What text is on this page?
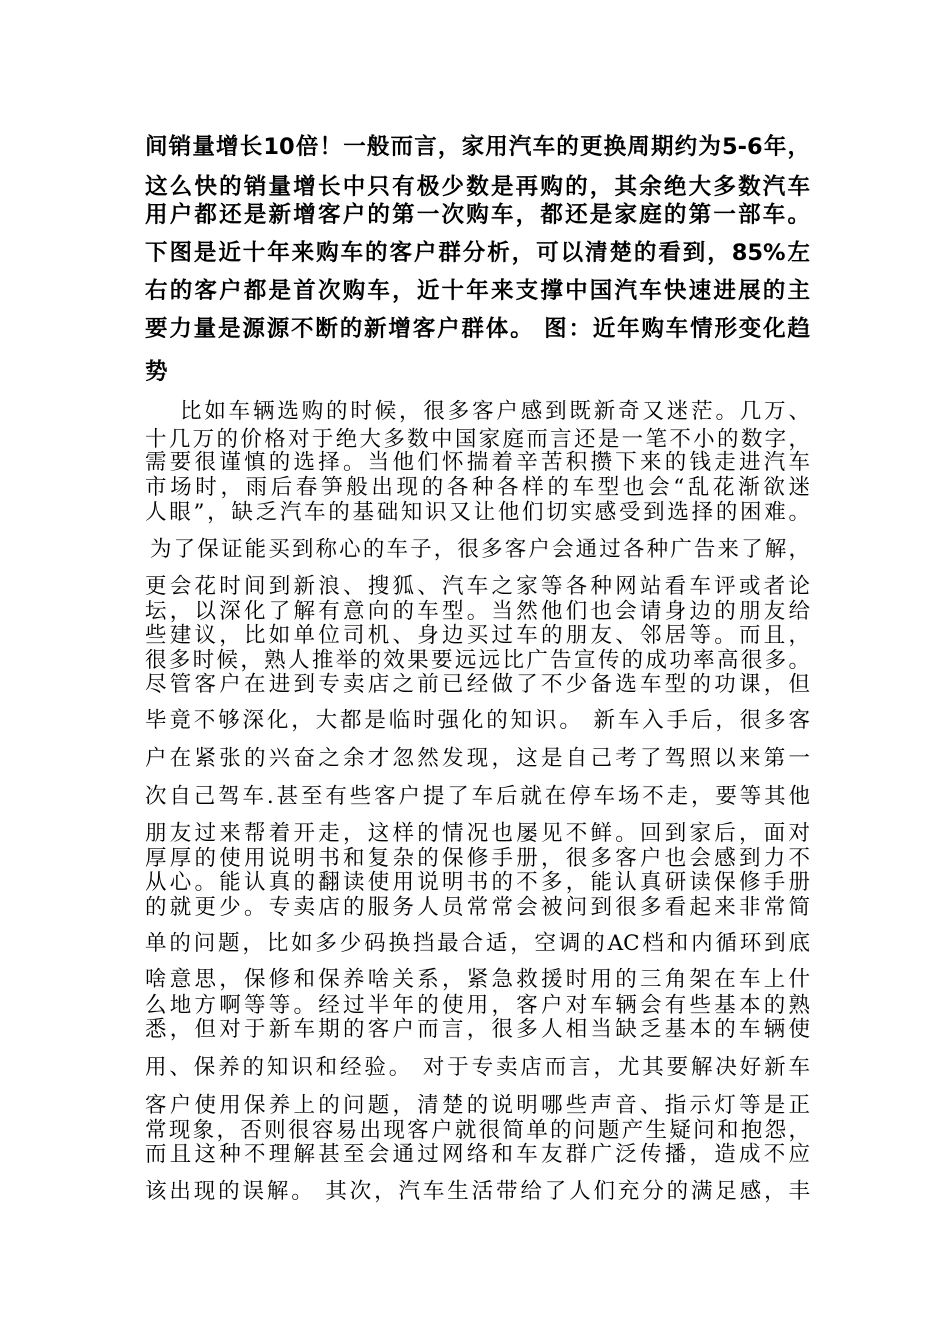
间销量增长10倍！一般而言，家用汽车的更换周期约为5-6年，

这么快的销量增长中只有极少数是再购的，其余绝大多数汽车

用户都还是新增客户的第一次购车，都还是家庭的第一部车。

下图是近十年来购车的客户群分析，可以清楚的看到，85%左

右的客户都是首次购车，近十年来支撑中国汽车快速进展的主

要力量是源源不断的新增客户群体。 图：近年购车情形变化趋

势

比如车辆选购的时候，很多客户感到既新奇又迷茫。几万、

十几万的价格对于绝大多数中国家庭而言还是一笔不小的数字，

需要很谨慎的选择。当他们怀揣着辛苦积攒下来的钱走进汽车

市场时，雨后春笋般出现的各种各样的车型也会“乱花渐欲迷

人眼”，缺乏汽车的基础知识又让他们切实感受到选择的困难。

为了保证能买到称心的车子，很多客户会通过各种广告来了解，

更会花时间到新浪、搜狐、汽车之家等各种网站看车评或者论

坛，以深化了解有意向的车型。当然他们也会请身边的朋友给

些建议，比如单位司机、身边买过车的朋友、邻居等。而且，

很多时候，熟人推举的效果要远远比广告宣传的成功率高很多。

尽管客户在进到专卖店之前已经做了不少备选车型的功课，但

毕竟不够深化，大都是临时强化的知识。 新车入手后，很多客

户在紧张的兴奋之余才忽然发现，这是自己考了驾照以来第一

次自己驾车.甚至有些客户提了车后就在停车场不走，要等其他

朋友过来帮着开走，这样的情况也屡见不鲜。回到家后，面对

厚厚的使用说明书和复杂的保修手册，很多客户也会感到力不

从心。能认真的翻读使用说明书的不多，能认真研读保修手册

的就更少。专卖店的服务人员常常会被问到很多看起来非常简

单的问题，比如多少码换挡最合适，空调的AC档和内循环到底

啥意思，保修和保养啥关系，紧急救援时用的三角架在车上什

么地方啊等等。经过半年的使用，客户对车辆会有些基本的熟

悉，但对于新车期的客户而言，很多人相当缺乏基本的车辆使

用、保养的知识和经验。 对于专卖店而言，尤其要解决好新车

客户使用保养上的问题，清楚的说明哪些声音、指示灯等是正

常现象，否则很容易出现客户就很简单的问题产生疑问和抱怨，

而且这种不理解甚至会通过网络和车友群广泛传播，造成不应

该出现的误解。 其次，汽车生活带给了人们充分的满足感，丰
